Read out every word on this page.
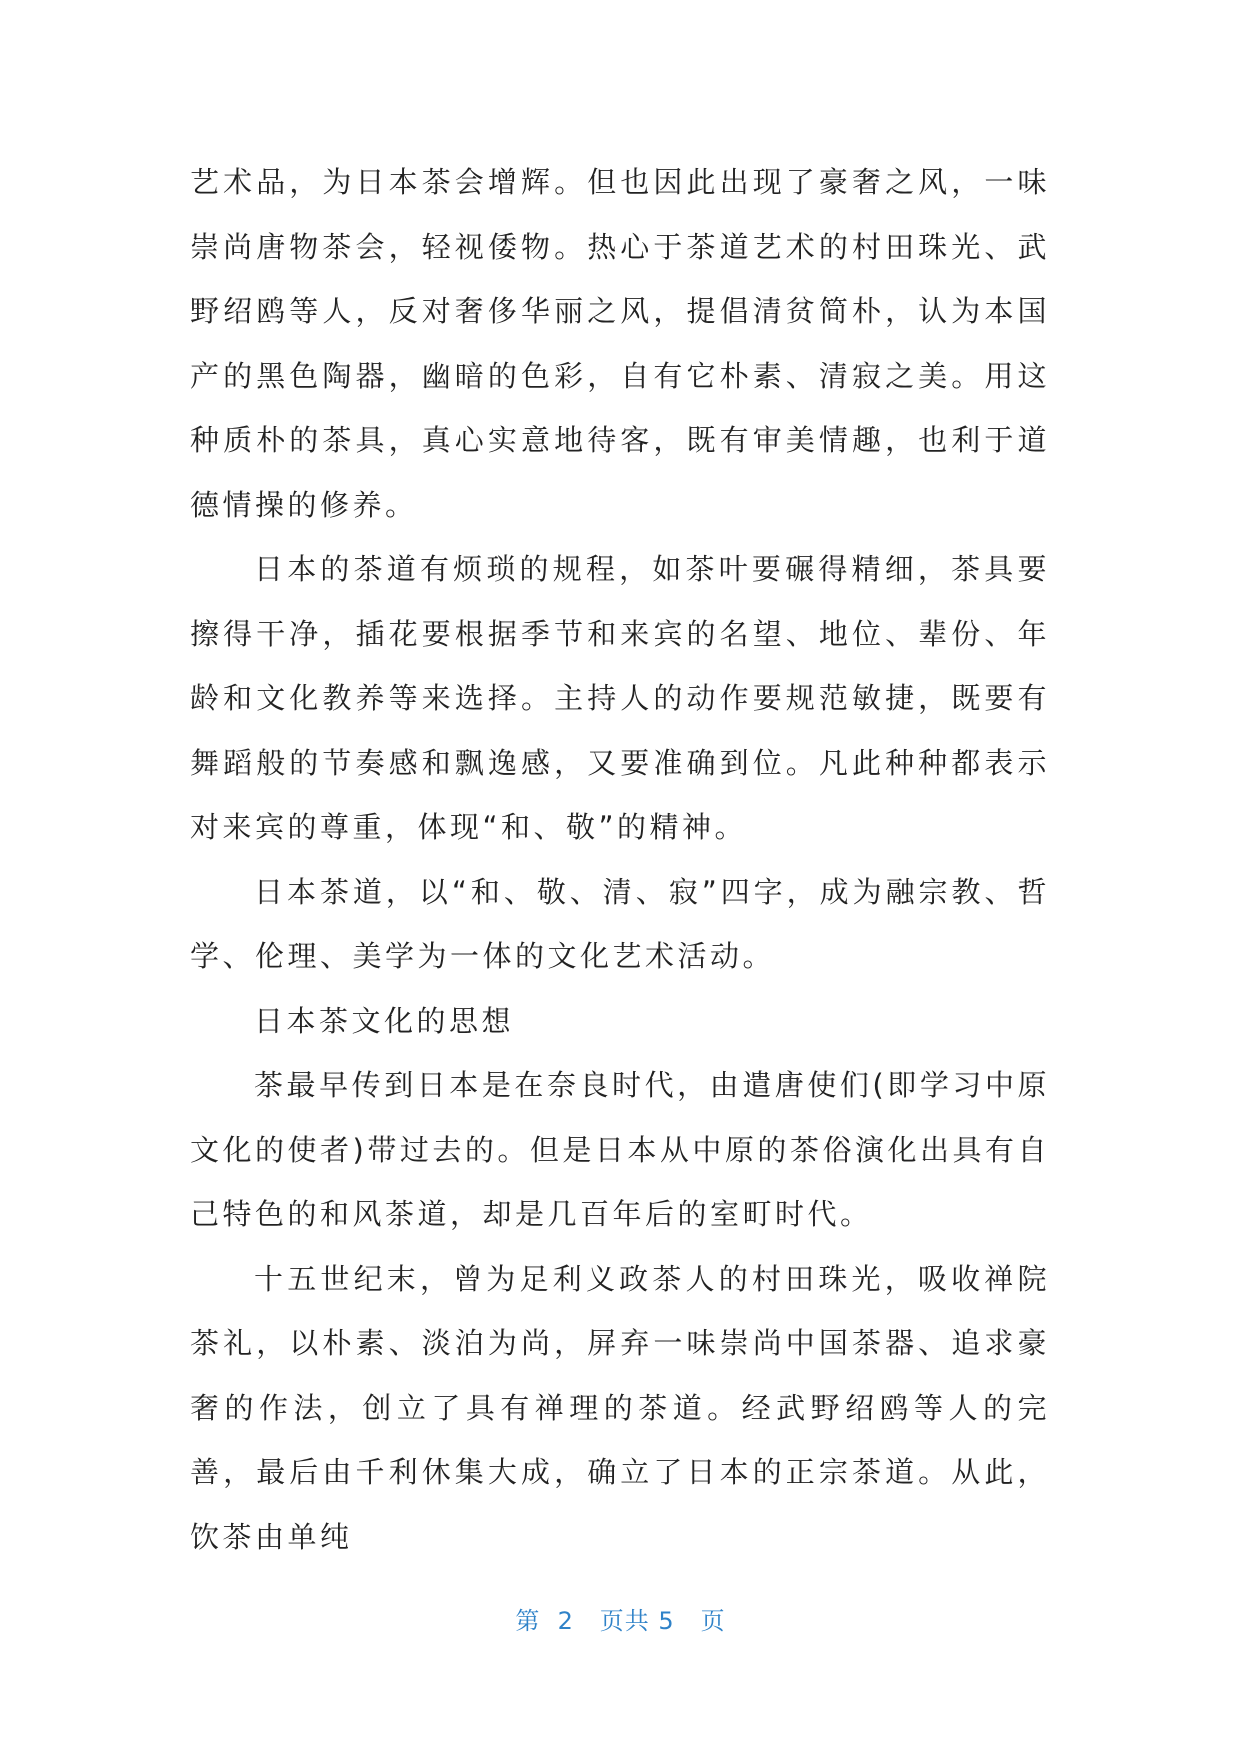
艺术品，为日本茶会增辉。但也因此出现了豪奢之风，一味崇尚唐物茶会，轻视倭物。热心于茶道艺术的村田珠光、武野绍鸥等人，反对奢侈华丽之风，提倡清贫简朴，认为本国产的黑色陶器，幽暗的色彩，自有它朴素、清寂之美。用这种质朴的茶具，真心实意地待客，既有审美情趣，也利于道德情操的修养。

日本的茶道有烦琐的规程，如茶叶要碾得精细，茶具要擦得干净，插花要根据季节和来宾的名望、地位、辈份、年龄和文化教养等来选择。主持人的动作要规范敏捷，既要有舞蹈般的节奏感和飘逸感，又要准确到位。凡此种种都表示对来宾的尊重，体现“和、敬”的精神。

日本茶道，以“和、敬、清、寂”四字，成为融宗教、哲学、伦理、美学为一体的文化艺术活动。

日本茶文化的思想

茶最早传到日本是在奈良时代，由遣唐使们(即学习中原文化的使者)带过去的。但是日本从中原的茶俗演化出具有自己特色的和风茶道，却是几百年后的室町时代。

十五世纪末，曾为足利义政茶人的村田珠光，吸收禅院茶礼，以朴素、淡泊为尚，屏弃一味崇尚中国茶器、追求豪奢的作法，创立了具有禅理的茶道。经武野绍鸥等人的完善，最后由千利休集大成，确立了日本的正宗茶道。从此，饮茶由单纯

第  2   页共 5   页
